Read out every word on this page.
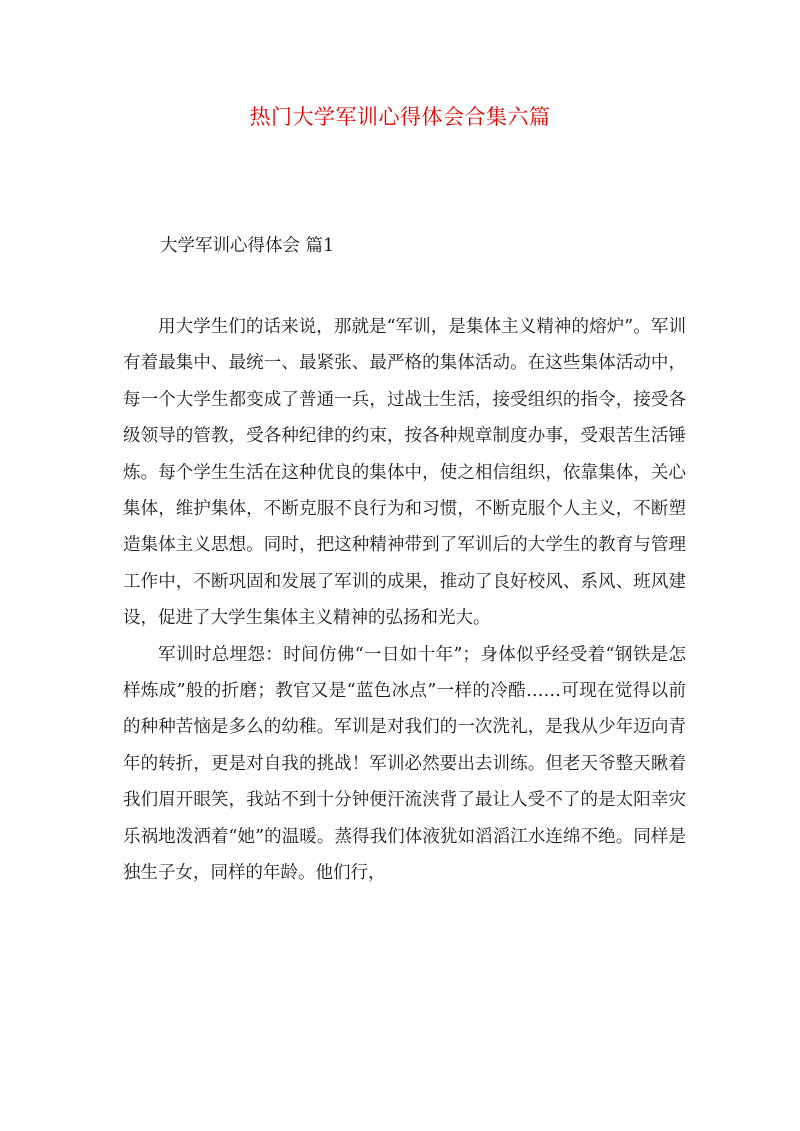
热门大学军训心得体会合集六篇
大学军训心得体会 篇1

用大学生们的话来说，那就是“军训，是集体主义精神的熔炉”。军训有着最集中、最统一、最紧张、最严格的集体活动。在这些集体活动中，每一个大学生都变成了普通一兵，过战士生活，接受组织的指令，接受各级领导的管教，受各种纪律的约束，按各种规章制度办事，受艰苦生活锤炼。每个学生生活在这种优良的集体中，使之相信组织，依靠集体，关心集体，维护集体，不断克服不良行为和习惯，不断克服个人主义，不断塑造集体主义思想。同时，把这种精神带到了军训后的大学生的教育与管理工作中，不断巩固和发展了军训的成果，推动了良好校风、系风、班风建设，促进了大学生集体主义精神的弘扬和光大。

军训时总埋怨：时间仿佛“一日如十年”；身体似乎经受着“钢铁是怎样炼成”般的折磨；教官又是“蓝色冰点”一样的冷酷……可现在觉得以前的种种苦恼是多么的幼稚。军训是对我们的一次洗礼，是我从少年迈向青年的转折，更是对自我的挑战！军训必然要出去训练。但老天爷整天瞅着我们眉开眼笑，我站不到十分钟便汗流浃背了最让人受不了的是太阳幸灾乐祸地泼洒着“她”的温暖。蒸得我们体液犹如滔滔江水连绵不绝。同样是独生子女，同样的年龄。他们行，
